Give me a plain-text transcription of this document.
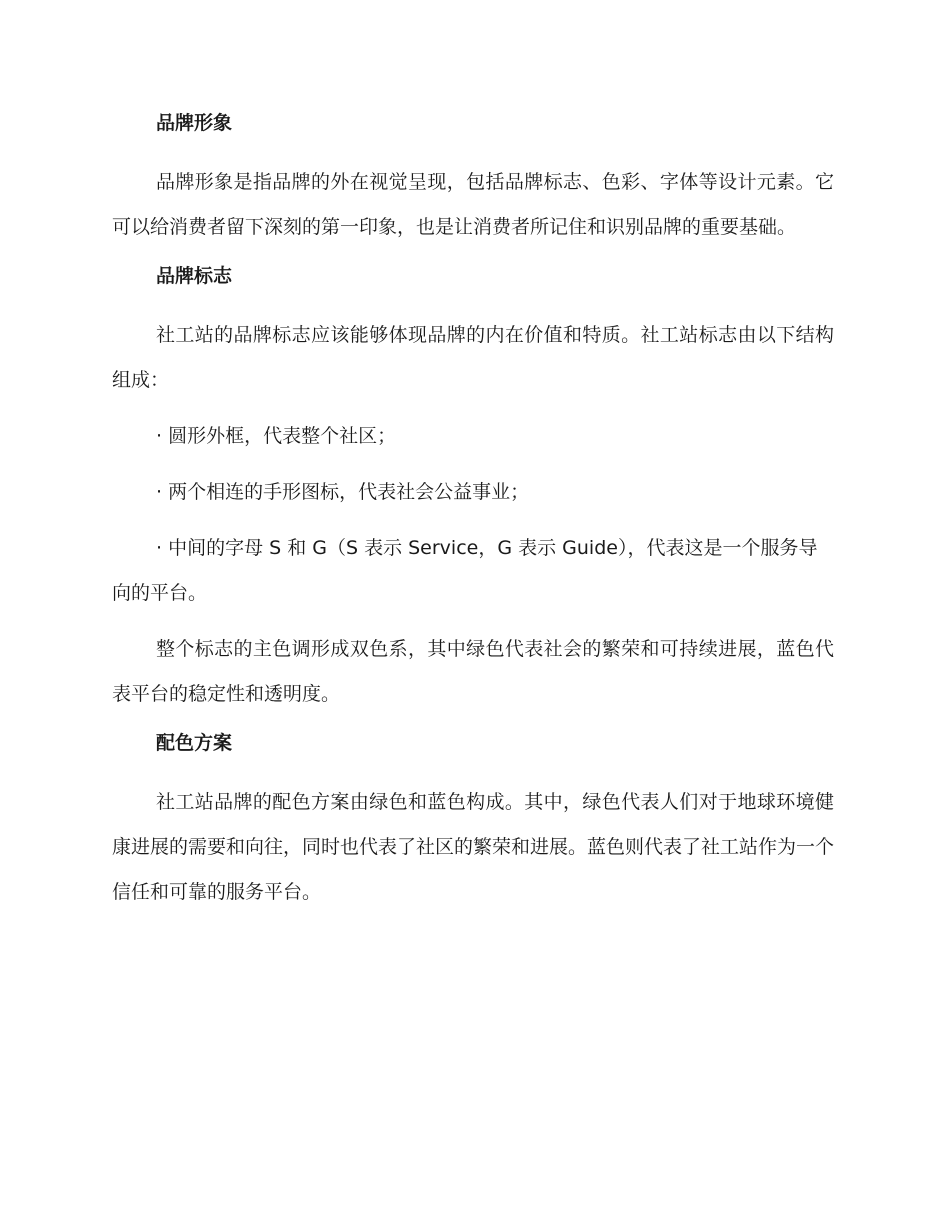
品牌形象

品牌形象是指品牌的外在视觉呈现，包括品牌标志、色彩、字体等设计元素。它可以给消费者留下深刻的第一印象，也是让消费者所记住和识别品牌的重要基础。

品牌标志

社工站的品牌标志应该能够体现品牌的内在价值和特质。社工站标志由以下结构组成：

· 圆形外框，代表整个社区；

· 两个相连的手形图标，代表社会公益事业；

· 中间的字母 S 和 G（S 表示 Service，G 表示 Guide），代表这是一个服务导向的平台。

整个标志的主色调形成双色系，其中绿色代表社会的繁荣和可持续进展，蓝色代表平台的稳定性和透明度。

配色方案

社工站品牌的配色方案由绿色和蓝色构成。其中，绿色代表人们对于地球环境健康进展的需要和向往，同时也代表了社区的繁荣和进展。蓝色则代表了社工站作为一个信任和可靠的服务平台。
